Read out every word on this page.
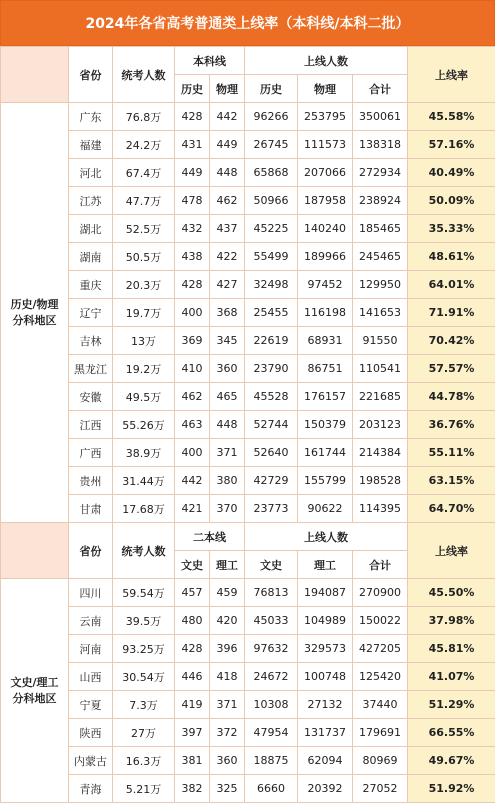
2024年各省高考普通类上线率（本科线/本科二批）
	省份	统考人数	本科线		上线人数			上线率
			历史	物理	历史	物理	合计	

历史/物理
分科地区	广东	76.8万	428	442	96266	253795	350061	45.58%
	福建	24.2万	431	449	26745	111573	138318	57.16%
	河北	67.4万	449	448	65868	207066	272934	40.49%
	江苏	47.7万	478	462	50966	187958	238924	50.09%
	湖北	52.5万	432	437	45225	140240	185465	35.33%
	湖南	50.5万	438	422	55499	189966	245465	48.61%
	重庆	20.3万	428	427	32498	97452	129950	64.01%
	辽宁	19.7万	400	368	25455	116198	141653	71.91%
	吉林	13万	369	345	22619	68931	91550	70.42%
	黑龙江	19.2万	410	360	23790	86751	110541	57.57%
	安徽	49.5万	462	465	45528	176157	221685	44.78%
	江西	55.26万	463	448	52744	150379	203123	36.76%
	广西	38.9万	400	371	52640	161744	214384	55.11%
	贵州	31.44万	442	380	42729	155799	198528	63.15%
	甘肃	17.68万	421	370	23773	90622	114395	64.70%
	省份	统考人数	二本线		上线人数			上线率
			文史	理工	文史	理工	合计	

文史/理工
分科地区	四川	59.54万	457	459	76813	194087	270900	45.50%
	云南	39.5万	480	420	45033	104989	150022	37.98%
	河南	93.25万	428	396	97632	329573	427205	45.81%
	山西	30.54万	446	418	24672	100748	125420	41.07%
	宁夏	7.3万	419	371	10308	27132	37440	51.29%
	陕西	27万	397	372	47954	131737	179691	66.55%
	内蒙古	16.3万	381	360	18875	62094	80969	49.67%
	青海	5.21万	382	325	6660	20392	27052	51.92%
